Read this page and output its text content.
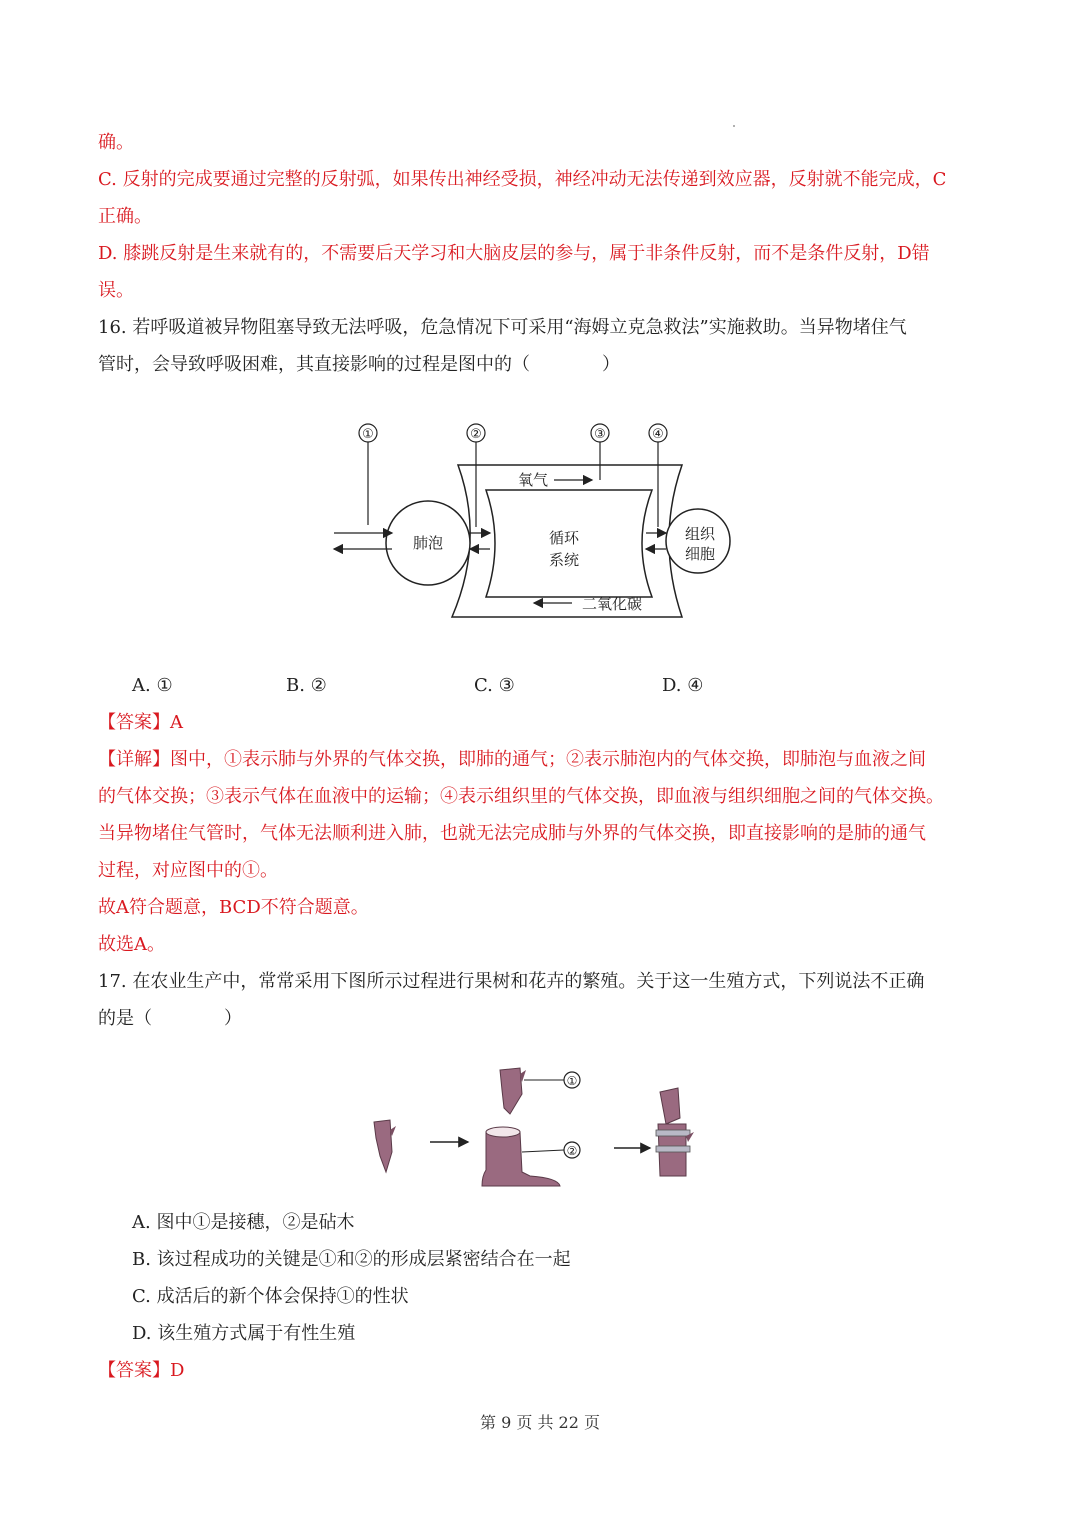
确。
C. 反射的完成要通过完整的反射弧，如果传出神经受损，神经冲动无法传递到效应器，反射就不能完成，C
正确。
D. 膝跳反射是生来就有的，不需要后天学习和大脑皮层的参与，属于非条件反射，而不是条件反射，D错
误。
16. 若呼吸道被异物阻塞导致无法呼吸，危急情况下可采用“海姆立克急救法”实施救助。当异物堵住气
管时，会导致呼吸困难，其直接影响的过程是图中的（　　　　）
①	②	③	④
肺泡	组织
细胞
循环
系统
氧气
二氧化碳
A. ①	B. ②	C. ③	D. ④
【答案】A
【详解】图中，①表示肺与外界的气体交换，即肺的通气；②表示肺泡内的气体交换，即肺泡与血液之间
的气体交换；③表示气体在血液中的运输；④表示组织里的气体交换，即血液与组织细胞之间的气体交换。
当异物堵住气管时，气体无法顺利进入肺，也就无法完成肺与外界的气体交换，即直接影响的是肺的通气
过程，对应图中的①。
故A符合题意，BCD不符合题意。
故选A。
17. 在农业生产中，常常采用下图所示过程进行果树和花卉的繁殖。关于这一生殖方式，下列说法不正确
的是（　　　　）
①
②
A. 图中①是接穗，②是砧木
B. 该过程成功的关键是①和②的形成层紧密结合在一起
C. 成活后的新个体会保持①的性状
D. 该生殖方式属于有性生殖
【答案】D
第 9 页 共 22 页
